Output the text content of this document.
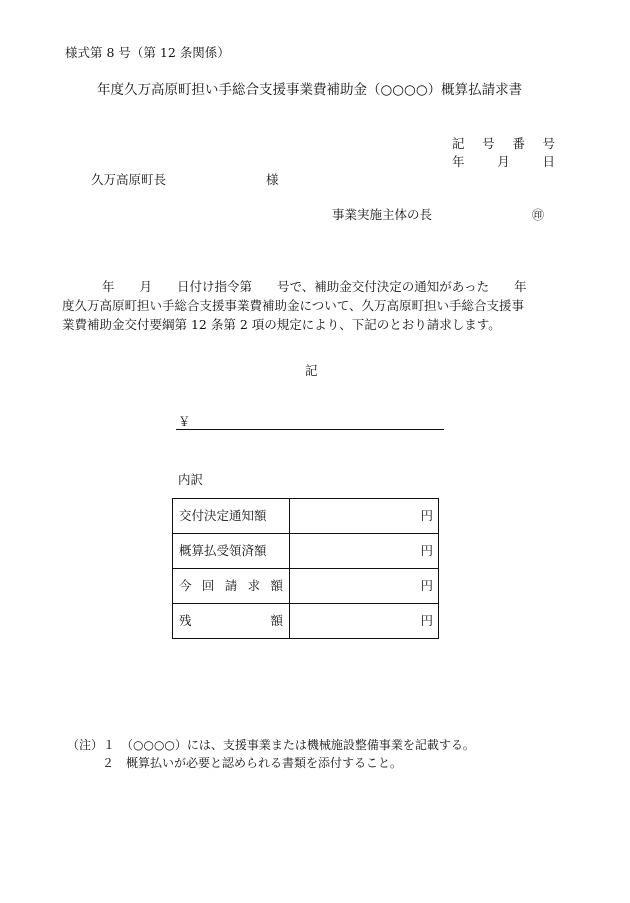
様式第 8 号（第 12 条関係）
年度久万高原町担い手総合支援事業費補助金（○○○○）概算払請求書
記 号 番 号
年	月	日
久万高原町長	様
事業実施主体の長	㊞
年　　月　　日付け指令第　　号で、補助金交付決定の通知があった　　年
度久万高原町担い手総合支援事業費補助金について、久万高原町担い手総合支援事
業費補助金交付要綱第 12 条第 2 項の規定により、下記のとおり請求します。
記
￥
内訳
交付決定通知額	円
概算払受領済額	円

今 回 請 求 額	円

残 額	円
（注）１　（○○○○）には、支援事業または機械施設整備事業を記載する。
２　概算払いが必要と認められる書類を添付すること。
